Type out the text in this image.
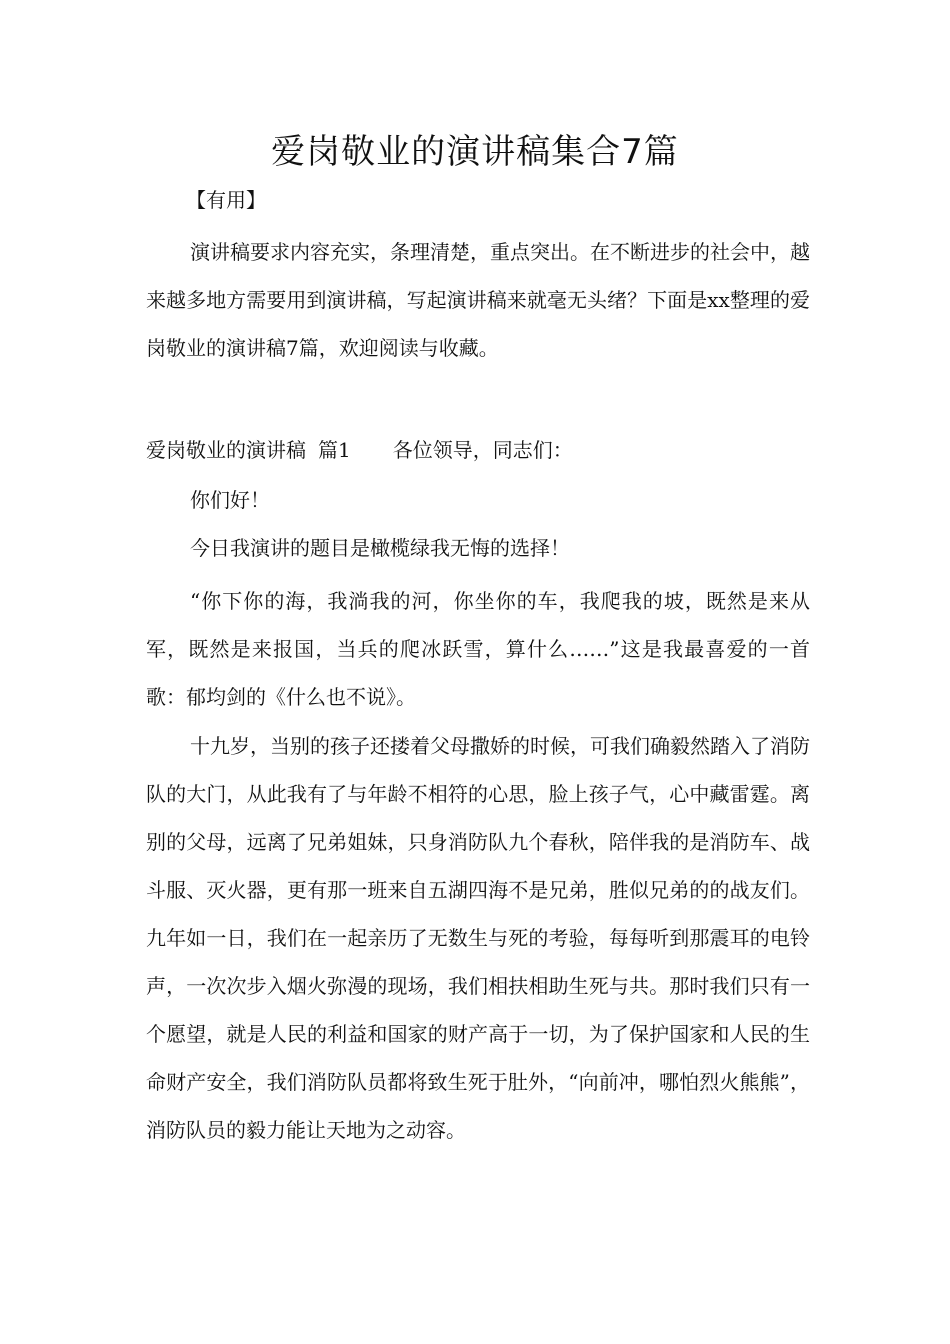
爱岗敬业的演讲稿集合7篇

【有用】

演讲稿要求内容充实，条理清楚，重点突出。在不断进步的社会中，越来越多地方需要用到演讲稿，写起演讲稿来就毫无头绪？下面是xx整理的爱岗敬业的演讲稿7篇，欢迎阅读与收藏。

爱岗敬业的演讲稿 篇1 各位领导，同志们：

你们好！

今日我演讲的题目是橄榄绿我无悔的选择！

“你下你的海，我淌我的河，你坐你的车，我爬我的坡，既然是来从军，既然是来报国，当兵的爬冰跃雪，算什么……”这是我最喜爱的一首歌：郁均剑的《什么也不说》。

十九岁，当别的孩子还搂着父母撒娇的时候，可我们确毅然踏入了消防队的大门，从此我有了与年龄不相符的心思，脸上孩子气，心中藏雷霆。离别的父母，远离了兄弟姐妹，只身消防队九个春秋，陪伴我的是消防车、战斗服、灭火器，更有那一班来自五湖四海不是兄弟，胜似兄弟的的战友们。九年如一日，我们在一起亲历了无数生与死的考验，每每听到那震耳的电铃声，一次次步入烟火弥漫的现场，我们相扶相助生死与共。那时我们只有一个愿望，就是人民的利益和国家的财产高于一切，为了保护国家和人民的生命财产安全，我们消防队员都将致生死于肚外，“向前冲，哪怕烈火熊熊”，消防队员的毅力能让天地为之动容。
